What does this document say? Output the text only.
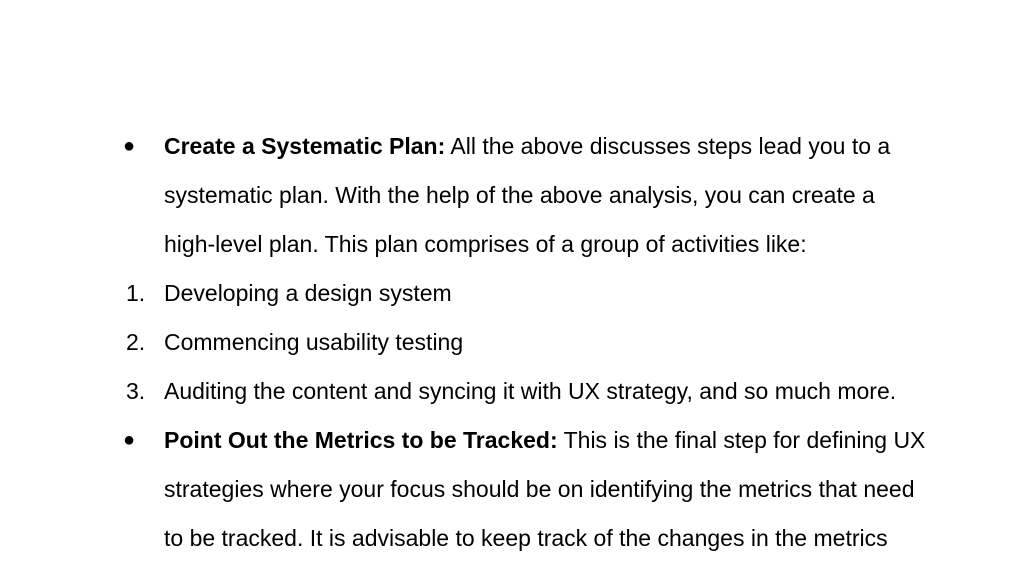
● Create a Systematic Plan: All the above discusses steps lead you to a
systematic plan. With the help of the above analysis, you can create a
high-level plan. This plan comprises of a group of activities like:
1. Developing a design system
2. Commencing usability testing
3. Auditing the content and syncing it with UX strategy, and so much more.
● Point Out the Metrics to be Tracked: This is the final step for defining UX
strategies where your focus should be on identifying the metrics that need
to be tracked. It is advisable to keep track of the changes in the metrics
